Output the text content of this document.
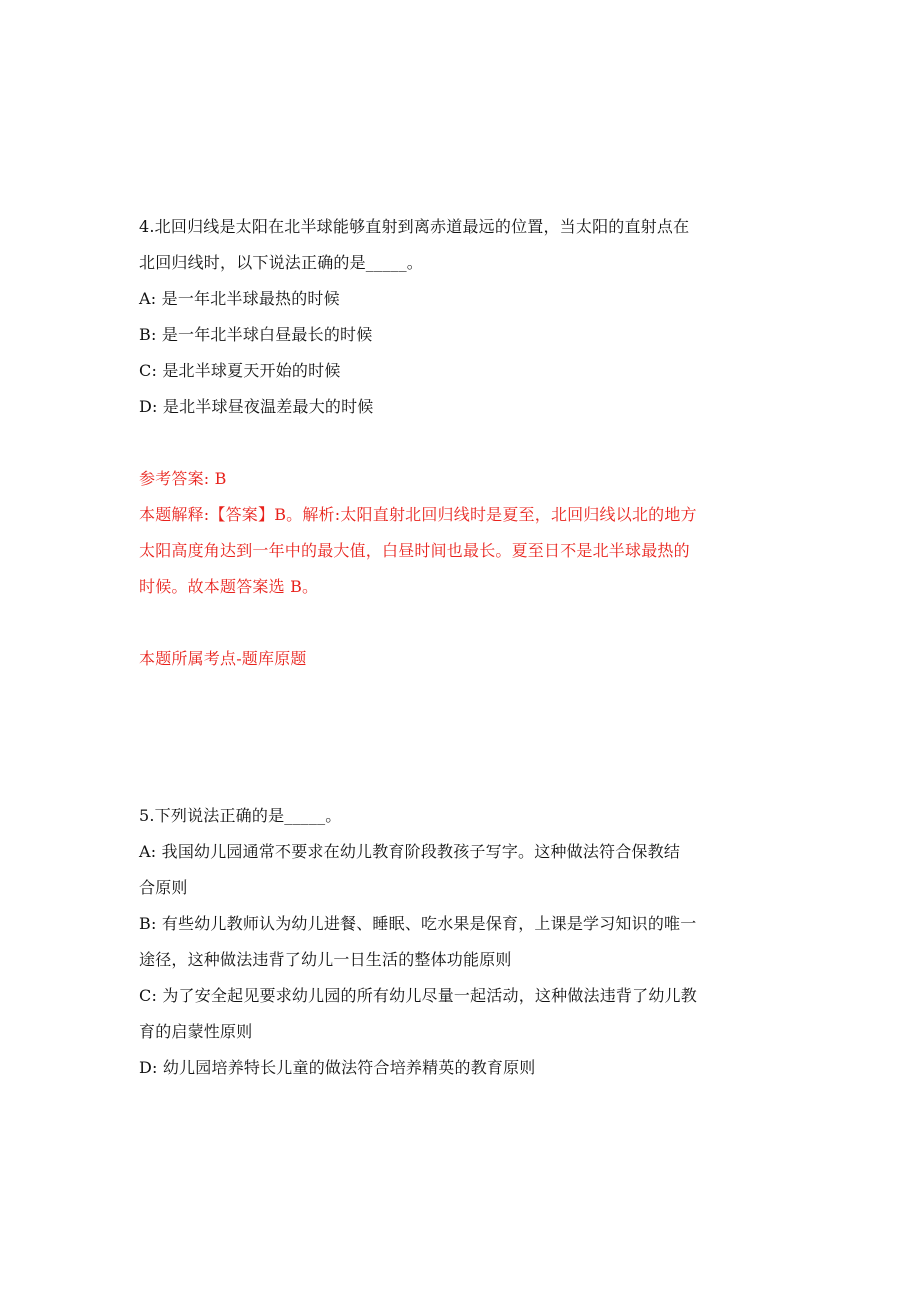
4.北回归线是太阳在北半球能够直射到离赤道最远的位置，当太阳的直射点在
北回归线时，以下说法正确的是_____。
A: 是一年北半球最热的时候
B: 是一年北半球白昼最长的时候
C: 是北半球夏天开始的时候
D: 是北半球昼夜温差最大的时候
参考答案: B
本题解释:【答案】B。解析:太阳直射北回归线时是夏至，北回归线以北的地方
太阳高度角达到一年中的最大值，白昼时间也最长。夏至日不是北半球最热的
时候。故本题答案选 B。
本题所属考点-题库原题
5.下列说法正确的是_____。
A: 我国幼儿园通常不要求在幼儿教育阶段教孩子写字。这种做法符合保教结
合原则
B: 有些幼儿教师认为幼儿进餐、睡眠、吃水果是保育，上课是学习知识的唯一
途径，这种做法违背了幼儿一日生活的整体功能原则
C: 为了安全起见要求幼儿园的所有幼儿尽量一起活动，这种做法违背了幼儿教
育的启蒙性原则
D: 幼儿园培养特长儿童的做法符合培养精英的教育原则
